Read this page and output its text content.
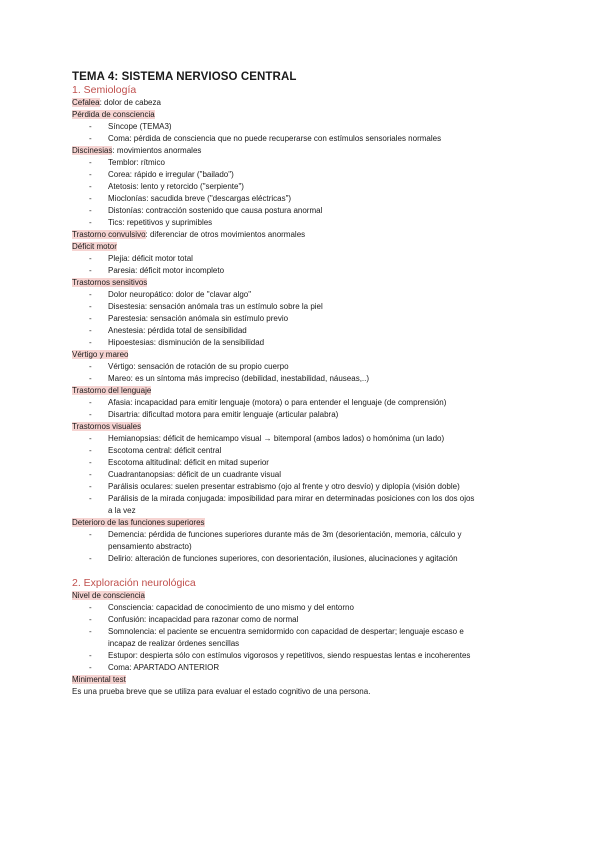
TEMA 4: SISTEMA NERVIOSO CENTRAL
1. Semiología
Cefalea: dolor de cabeza
Pérdida de consciencia
- Síncope (TEMA3)
- Coma: pérdida de consciencia que no puede recuperarse con estímulos sensoriales normales
Discinesias: movimientos anormales
- Temblor: rítmico
- Corea: rápido e irregular ("bailado")
- Atetosis: lento y retorcido ("serpiente")
- Mioclonías: sacudida breve ("descargas eléctricas")
- Distonías: contracción sostenido que causa postura anormal
- Tics: repetitivos y suprimibles
Trastorno convulsivo: diferenciar de otros movimientos anormales
Déficit motor
- Plejia: déficit motor total
- Paresia: déficit motor incompleto
Trastornos sensitivos
- Dolor neuropático: dolor de "clavar algo"
- Disestesia: sensación anómala tras un estímulo sobre la piel
- Parestesia: sensación anómala sin estímulo previo
- Anestesia: pérdida total de sensibilidad
- Hipoestesias: disminución de la sensibilidad
Vértigo y mareo
- Vértigo: sensación de rotación de su propio cuerpo
- Mareo: es un síntoma más impreciso (debilidad, inestabilidad, náuseas,..)
Trastorno del lenguaje
- Afasia: incapacidad para emitir lenguaje (motora) o para entender el lenguaje (de comprensión)
- Disartria: dificultad motora para emitir lenguaje (articular palabra)
Trastornos visuales
- Hemianopsias: déficit de hemicampo visual → bitemporal (ambos lados) o homónima (un lado)
- Escotoma central: déficit central
- Escotoma altitudinal: déficit en mitad superior
- Cuadrantanopsias: déficit de un cuadrante visual
- Parálisis oculares: suelen presentar estrabismo (ojo al frente y otro desvío) y diplopía (visión doble)
- Parálisis de la mirada conjugada: imposibilidad para mirar en determinadas posiciones con los dos ojos
a la vez
Deterioro de las funciones superiores
- Demencia: pérdida de funciones superiores durante más de 3m (desorientación, memoria, cálculo y
pensamiento abstracto)
- Delirio: alteración de funciones superiores, con desorientación, ilusiones, alucinaciones y agitación
2. Exploración neurológica
Nivel de consciencia
- Consciencia: capacidad de conocimiento de uno mismo y del entorno
- Confusión: incapacidad para razonar como de normal
- Somnolencia: el paciente se encuentra semidormido con capacidad de despertar; lenguaje escaso e
incapaz de realizar órdenes sencillas
- Estupor: despierta sólo con estímulos vigorosos y repetitivos, siendo respuestas lentas e incoherentes
- Coma: APARTADO ANTERIOR
Minimental test
Es una prueba breve que se utiliza para evaluar el estado cognitivo de una persona.
